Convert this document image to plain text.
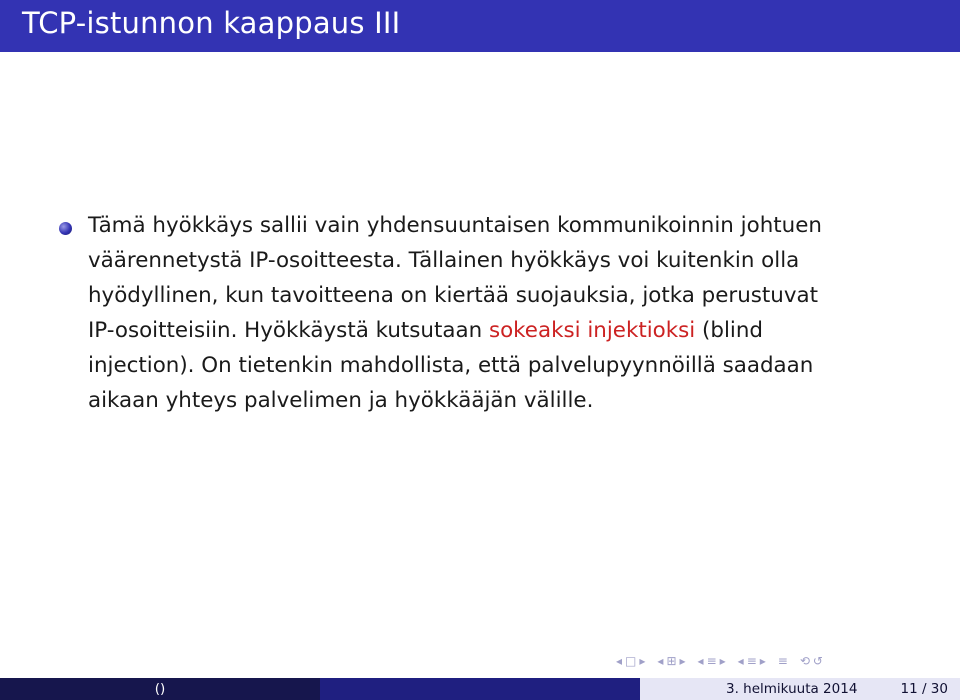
TCP-istunnon kaappaus III
Tämä hyökkäys sallii vain yhdensuuntaisen kommunikoinnin johtuen
väärennetystä IP-osoitteesta. Tällainen hyökkäys voi kuitenkin olla
hyödyllinen, kun tavoitteena on kiertää suojauksia, jotka perustuvat
IP-osoitteisiin. Hyökkäystä kutsutaan sokeaksi injektioksi (blind
injection). On tietenkin mahdollista, että palvelupyynnöillä saadaan
aikaan yhteys palvelimen ja hyökkääjän välille.
◂ □ ▸ ◂ ⊞ ▸ ◂ ≡ ▸ ◂ ≡ ▸ ≡ ⟲ ↺
()	3. helmikuuta 2014	11 / 30
